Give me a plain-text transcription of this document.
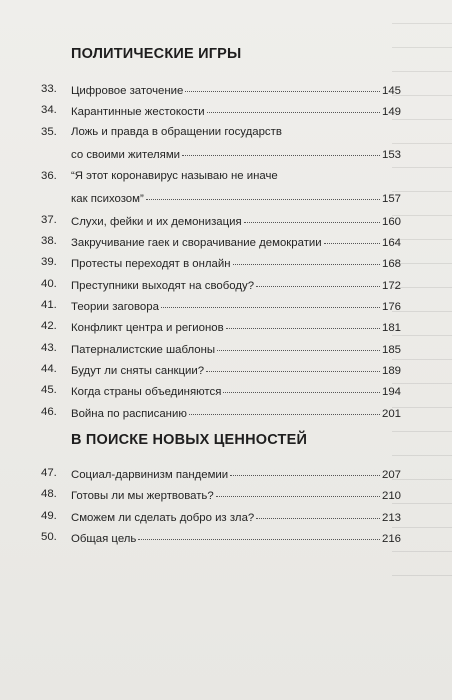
ПОЛИТИЧЕСКИЕ ИГРЫ
33. Цифровое заточение	145
34. Карантинные жестокости	149
35. Ложь и правда в обращении государств
со своими жителями	153
36. “Я этот коронавирус называю не иначе
как психозом”	157
37. Слухи, фейки и их демонизация	160
38. Закручивание гаек и сворачивание демократии	164
39. Протесты переходят в онлайн	168
40. Преступники выходят на свободу?	172
41. Теории заговора	176
42. Конфликт центра и регионов	181
43. Патерналистские шаблоны	185
44. Будут ли сняты санкции?	189
45. Когда страны объединяются	194
46. Война по расписанию	201
В ПОИСКЕ НОВЫХ ЦЕННОСТЕЙ
47. Социал-дарвинизм пандемии	207
48. Готовы ли мы жертвовать?	210
49. Сможем ли сделать добро из зла?	213
50. Общая цель	216
